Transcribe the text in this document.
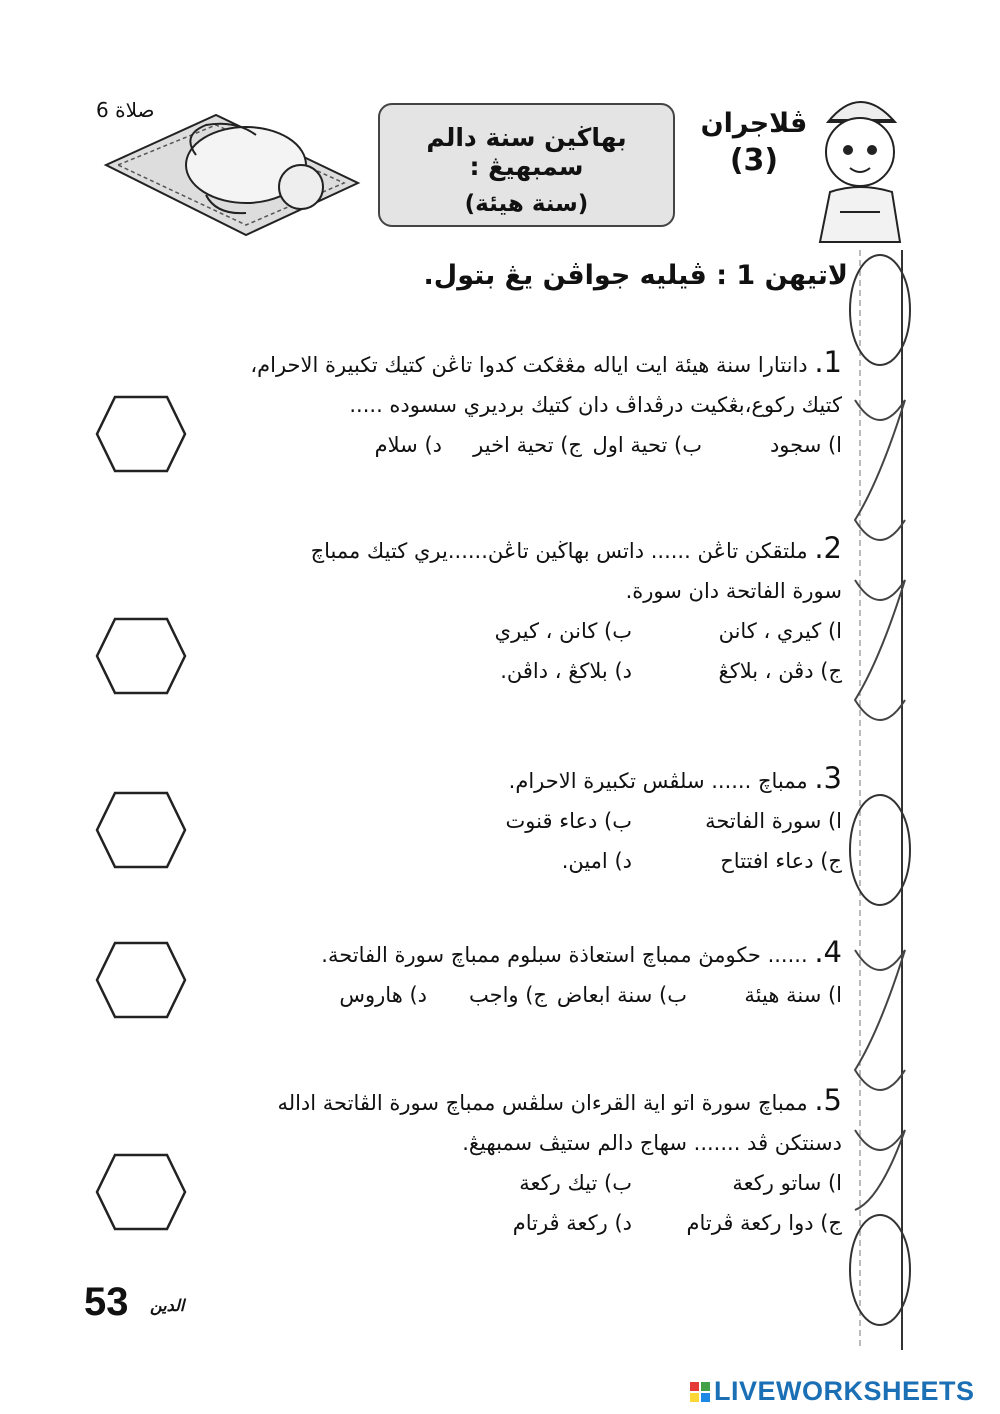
صلاة 6
بهاڬين سنة دالم سمبهيڠ :
(سنة هيئة)
ڤلاجران
(3)
لاتيهن 1 : ڤيليه جواڤن يڠ بتول.
1. دانتارا سنة هيئة ايت اياله مڠڠکت كدوا تاڠن كتيك تكبيرة الاحرام،
كتيك ركوع،بڠكيت درڤداڤ دان كتيك برديري سسوده .....
ا) سجود
ب) تحية اول
ج) تحية اخير
د) سلام
2. ملتقكن تاڠن ...... داتس بهاڬين تاڠن......يري كتيك ممباچ
سورة الفاتحة دان سورة.
ا) كيري ، كانن
ب) كانن ، كيري
ج) دڤن ، بلاكڠ
د) بلاكڠ ، داڤن.
3. ممباچ ...... سلڤس تكبيرة الاحرام.
ا) سورة الفاتحة
ب) دعاء قنوت
ج) دعاء افتتاح
د) امين.
4. ...... حكومڽ ممباچ استعاذة سبلوم ممباچ سورة الفاتحة.
ا) سنة هيئة
ب) سنة ابعاض
ج) واجب
د) هاروس
5. ممباچ سورة اتو اية القرءان سلڤس ممباچ سورة الڤاتحة اداله
دسنتكن ڤد ....... سهاج دالم ستيڤ سمبهيڠ.
ا) ساتو ركعة
ب) تيك ركعة
ج) دوا ركعة ڤرتام
د) ركعة ڤرتام
53 الدين
LIVEWORKSHEETS
